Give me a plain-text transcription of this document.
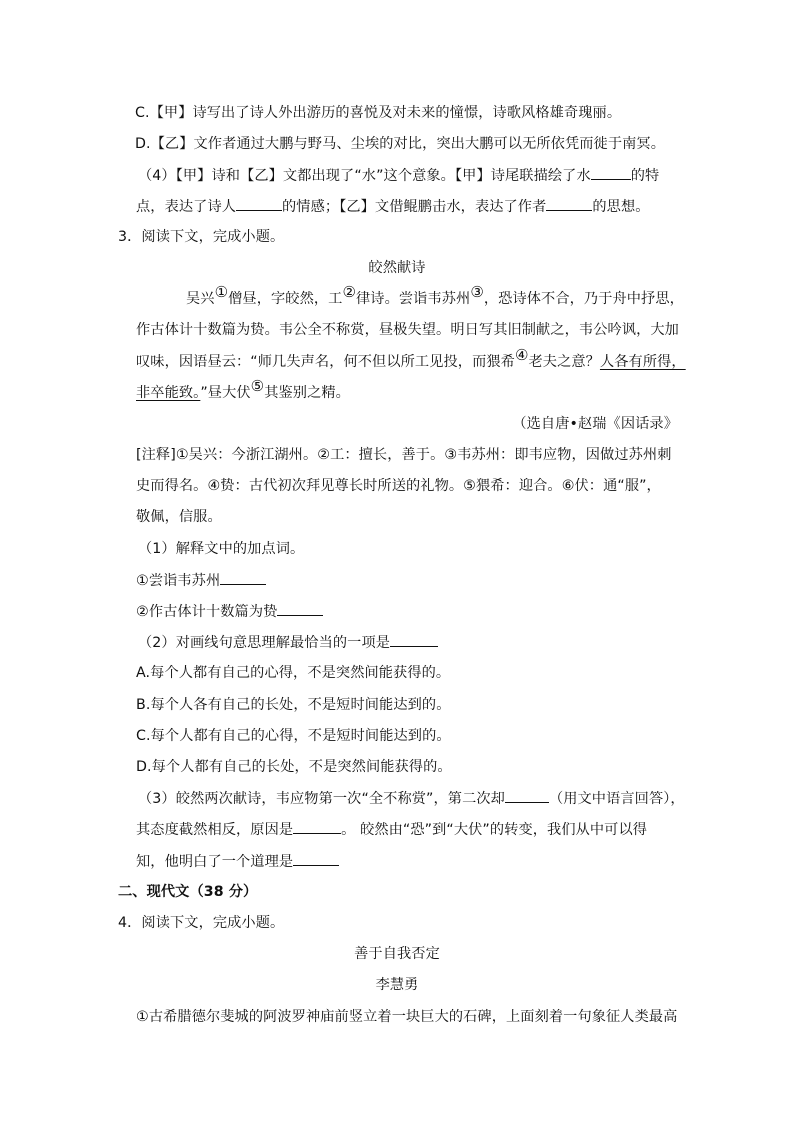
C.【甲】诗写出了诗人外出游历的喜悦及对未来的憧憬，诗歌风格雄奇瑰丽。
D.【乙】文作者通过大鹏与野马、尘埃的对比，突出大鹏可以无所依凭而徙于南冥。
（4）【甲】诗和【乙】文都出现了“水”这个意象。【甲】诗尾联描绘了水	的特
点，表达了诗人	的情感；【乙】文借鲲鹏击水，表达了作者	的思想。
3．阅读下文，完成小题。
皎然献诗
吴兴①僧昼，字皎然，工②律诗。尝诣韦苏州③，恐诗体不合，乃于舟中抒思，
作古体计十数篇为贽。韦公全不称赏，昼极失望。明日写其旧制献之，韦公吟讽，大加
叹味，因语昼云：“师几失声名，何不但以所工见投，而猥希④老夫之意？人各有所得，
非卒能致。”昼大伏⑤其鉴别之精。
（选自唐•赵瑞《因话录》
[注释]①吴兴：今浙江湖州。②工：擅长，善于。③韦苏州：即韦应物，因做过苏州刺
史而得名。④贽：古代初次拜见尊长时所送的礼物。⑤猥希：迎合。⑥伏：通“服”，
敬佩，信服。
（1）解释文中的加点词。
①尝诣韦苏州
②作古体计十数篇为贽
（2）对画线句意思理解最恰当的一项是
A.每个人都有自己的心得，不是突然间能获得的。
B.每个人各有自己的长处，不是短时间能达到的。
C.每个人都有自己的心得，不是短时间能达到的。
D.每个人都有自己的长处，不是突然间能获得的。
（3）皎然两次献诗，韦应物第一次“全不称赏”，第二次却	（用文中语言回答），
其态度截然相反，原因是	。 皎然由“恐”到“大伏”的转变，我们从中可以得
知，他明白了一个道理是
二、现代文（38 分）
4．阅读下文，完成小题。
善于自我否定
李慧勇
①古希腊德尔斐城的阿波罗神庙前竖立着一块巨大的石碑，上面刻着一句象征人类最高
